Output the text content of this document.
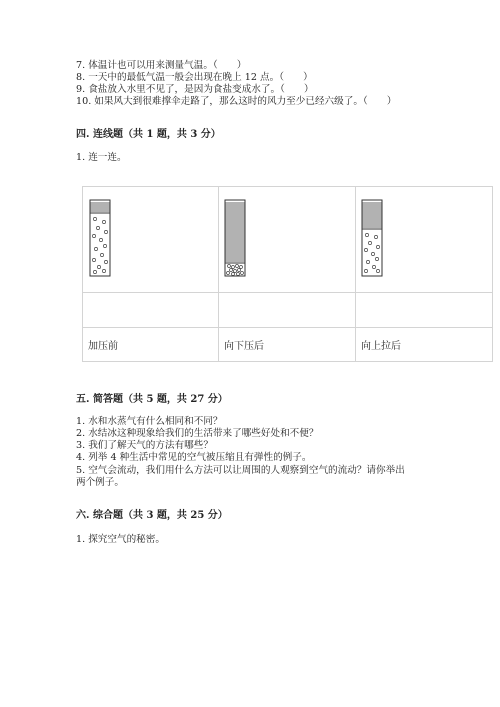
7. 体温计也可以用来测量气温。（　　）
8. 一天中的最低气温一般会出现在晚上 12 点。（　　）
9. 食盐放入水里不见了，是因为食盐变成水了。（　　）
10. 如果风大到很难撑伞走路了，那么这时的风力至少已经六级了。（　　）
四. 连线题（共 1 题，共 3 分）
1. 连一连。
加压前	向下压后	向上拉后
五. 简答题（共 5 题，共 27 分）
1. 水和水蒸气有什么相同和不同？
2. 水结冰这种现象给我们的生活带来了哪些好处和不便？
3. 我们了解天气的方法有哪些？
4. 列举 4 种生活中常见的空气被压缩且有弹性的例子。
5. 空气会流动，我们用什么方法可以让周围的人观察到空气的流动？请你举出
两个例子。
六. 综合题（共 3 题，共 25 分）
1. 探究空气的秘密。
